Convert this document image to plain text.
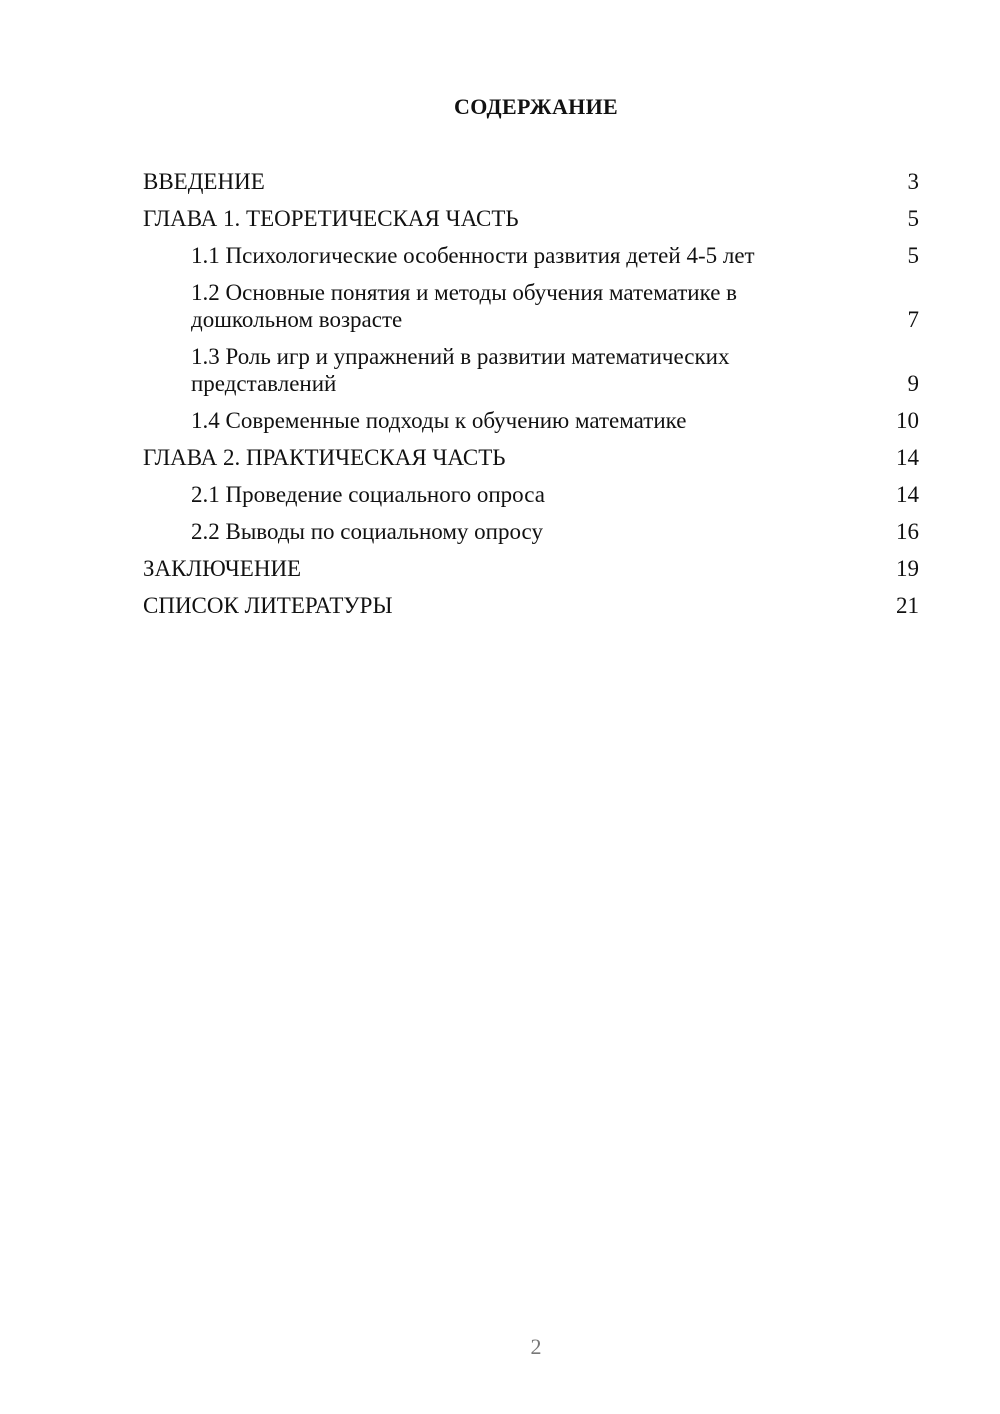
СОДЕРЖАНИЕ
ВВЕДЕНИЕ	3
ГЛАВА 1. ТЕОРЕТИЧЕСКАЯ ЧАСТЬ	5
1.1 Психологические особенности развития детей 4-5 лет	5
1.2 Основные понятия и методы обучения математике в дошкольном возрасте	7
1.3 Роль игр и упражнений в развитии математических представлений	9
1.4 Современные подходы к обучению математике	10
ГЛАВА 2. ПРАКТИЧЕСКАЯ ЧАСТЬ	14
2.1 Проведение социального опроса	14
2.2 Выводы по социальному опросу	16
ЗАКЛЮЧЕНИЕ	19
СПИСОК ЛИТЕРАТУРЫ	21
2
